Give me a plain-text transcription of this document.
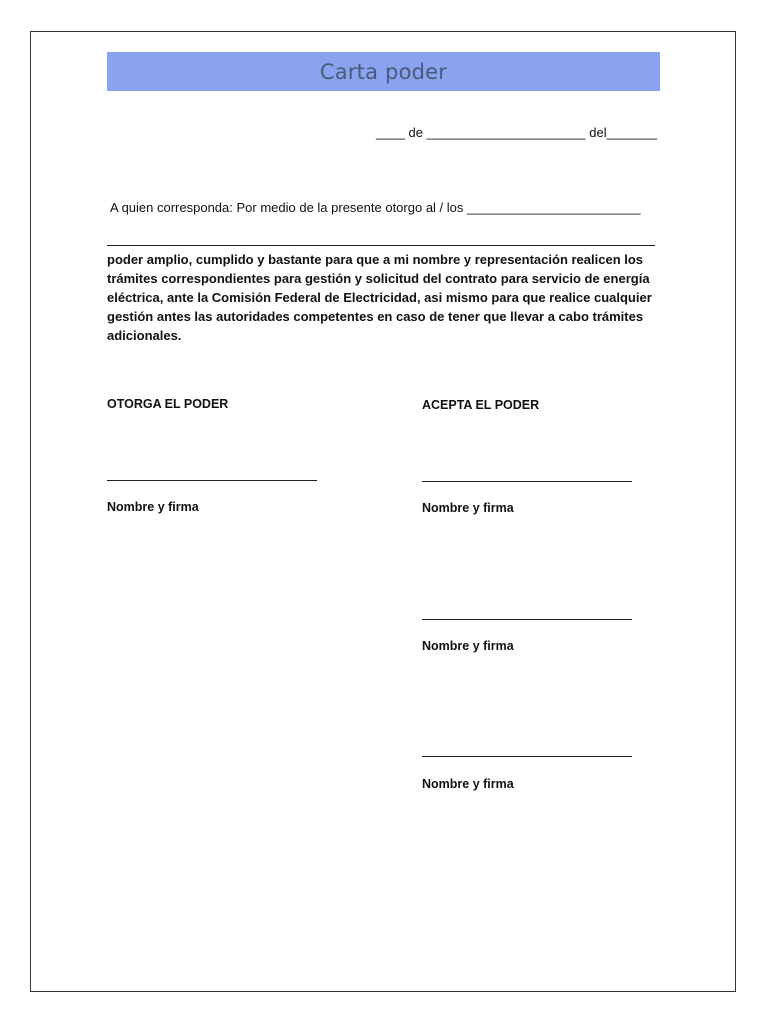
Carta poder
____ de ______________________ del_______
A quien corresponda: Por medio de la presente otorgo al / los ________________________
poder amplio, cumplido y bastante para que a mi nombre y representación realicen los trámites correspondientes para gestión y solicitud del contrato para servicio de energía eléctrica, ante la Comisión Federal de Electricidad, asi mismo para que realice cualquier gestión antes las autoridades competentes en caso de tener que llevar a cabo trámites adicionales.
OTORGA EL PODER	ACEPTA EL PODER
Nombre y firma	Nombre y firma
Nombre y firma
Nombre y firma
